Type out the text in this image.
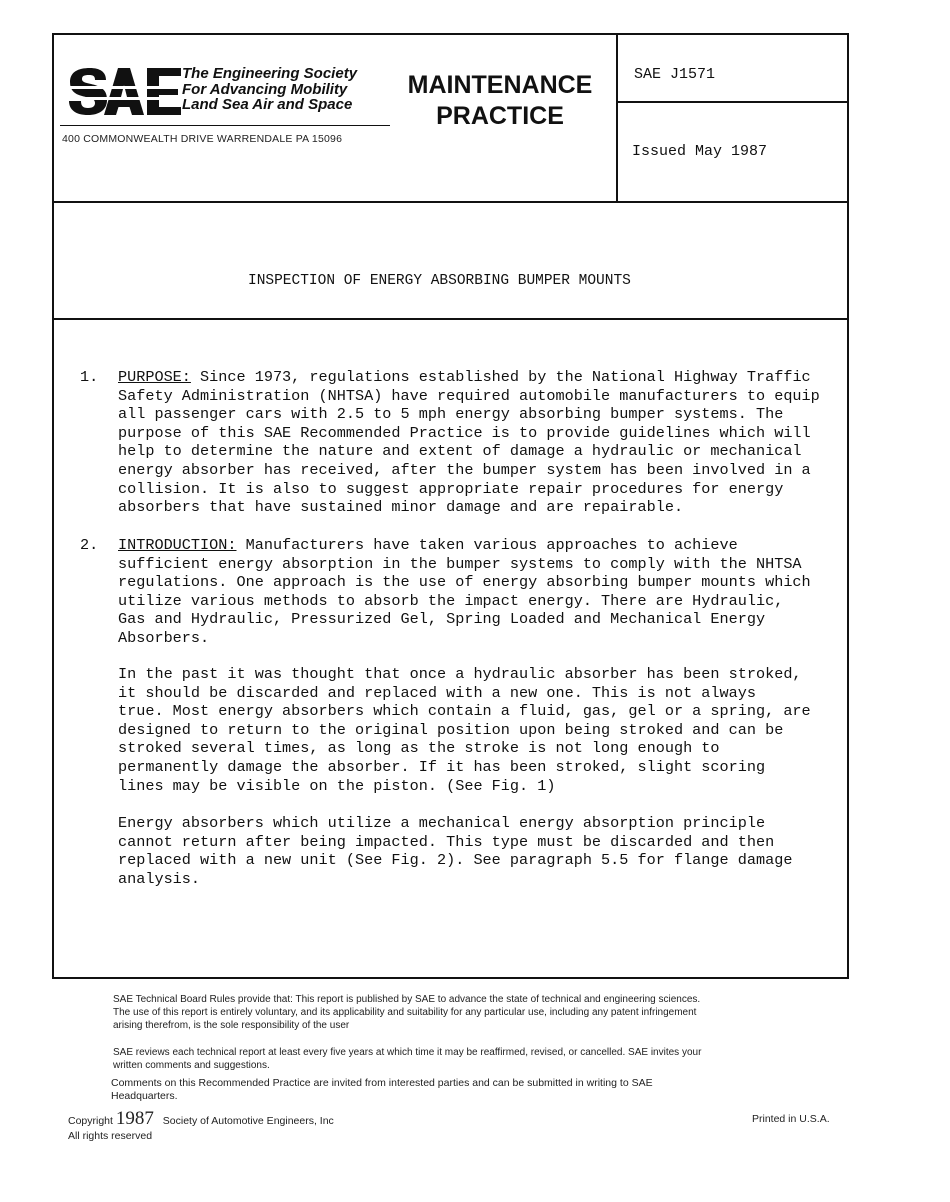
The Engineering Society
For Advancing Mobility
Land Sea Air and Space
400 COMMONWEALTH DRIVE WARRENDALE PA 15096
MAINTENANCE
PRACTICE
SAE J1571
Issued May 1987
INSPECTION OF ENERGY ABSORBING BUMPER MOUNTS
1. PURPOSE: Since 1973, regulations established by the National Highway Traffic
Safety Administration (NHTSA) have required automobile manufacturers to equip
all passenger cars with 2.5 to 5 mph energy absorbing bumper systems. The
purpose of this SAE Recommended Practice is to provide guidelines which will
help to determine the nature and extent of damage a hydraulic or mechanical
energy absorber has received, after the bumper system has been involved in a
collision. It is also to suggest appropriate repair procedures for energy
absorbers that have sustained minor damage and are repairable.
2. INTRODUCTION: Manufacturers have taken various approaches to achieve
sufficient energy absorption in the bumper systems to comply with the NHTSA
regulations. One approach is the use of energy absorbing bumper mounts which
utilize various methods to absorb the impact energy. There are Hydraulic,
Gas and Hydraulic, Pressurized Gel, Spring Loaded and Mechanical Energy
Absorbers.
In the past it was thought that once a hydraulic absorber has been stroked,
it should be discarded and replaced with a new one. This is not always
true. Most energy absorbers which contain a fluid, gas, gel or a spring, are
designed to return to the original position upon being stroked and can be
stroked several times, as long as the stroke is not long enough to
permanently damage the absorber. If it has been stroked, slight scoring
lines may be visible on the piston. (See Fig. 1)
Energy absorbers which utilize a mechanical energy absorption principle
cannot return after being impacted. This type must be discarded and then
replaced with a new unit (See Fig. 2). See paragraph 5.5 for flange damage
analysis.
SAE Technical Board Rules provide that: This report is published by SAE to advance the state of technical and engineering sciences.
The use of this report is entirely voluntary, and its applicability and suitability for any particular use, including any patent infringement
arising therefrom, is the sole responsibility of the user
SAE reviews each technical report at least every five years at which time it may be reaffirmed, revised, or cancelled. SAE invites your
written comments and suggestions.
Comments on this Recommended Practice are invited from interested parties and can be submitted in writing to SAE
Headquarters.
Copyright 1987 Society of Automotive Engineers, Inc
All rights reserved
Printed in U.S.A.
